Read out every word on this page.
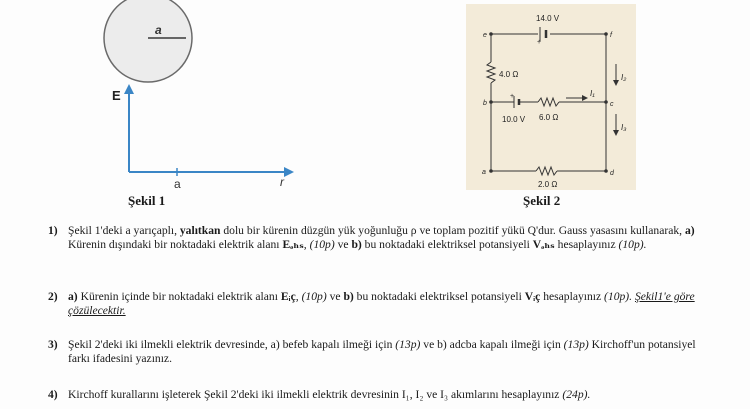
a
E
a	r
Şekil 1
14.0 V
+
4.0 Ω
10.0 V
+
6.0 Ω
2.0 Ω
I₁
I₂
I₃
a
b	c
d
e	f
Şekil 2
1) Şekil 1'deki a yarıçaplı, yalıtkan dolu bir kürenin düzgün yük yoğunluğu ρ ve toplam pozitif yükü Q'dur. Gauss yasasını kullanarak, a) Kürenin dışındaki bir noktadaki elektrik alanı Eₔₕₛ, (10p) ve b) bu noktadaki elektriksel potansiyeli Vₔₕₛ hesaplayınız (10p).
2) a) Kürenin içinde bir noktadaki elektrik alanı Eᵢç, (10p) ve b) bu noktadaki elektriksel potansiyeli Vᵢç hesaplayınız (10p). Şekil1'e göre çözülecektir.
3) Şekil 2'deki iki ilmekli elektrik devresinde, a) befeb kapalı ilmeği için (13p) ve b) adcba kapalı ilmeği için (13p) Kirchoff'un potansiyel farkı ifadesini yazınız.
4) Kirchoff kurallarını işleterek Şekil 2'deki iki ilmekli elektrik devresinin I₁, I₂ ve I₃ akımlarını hesaplayınız (24p).
